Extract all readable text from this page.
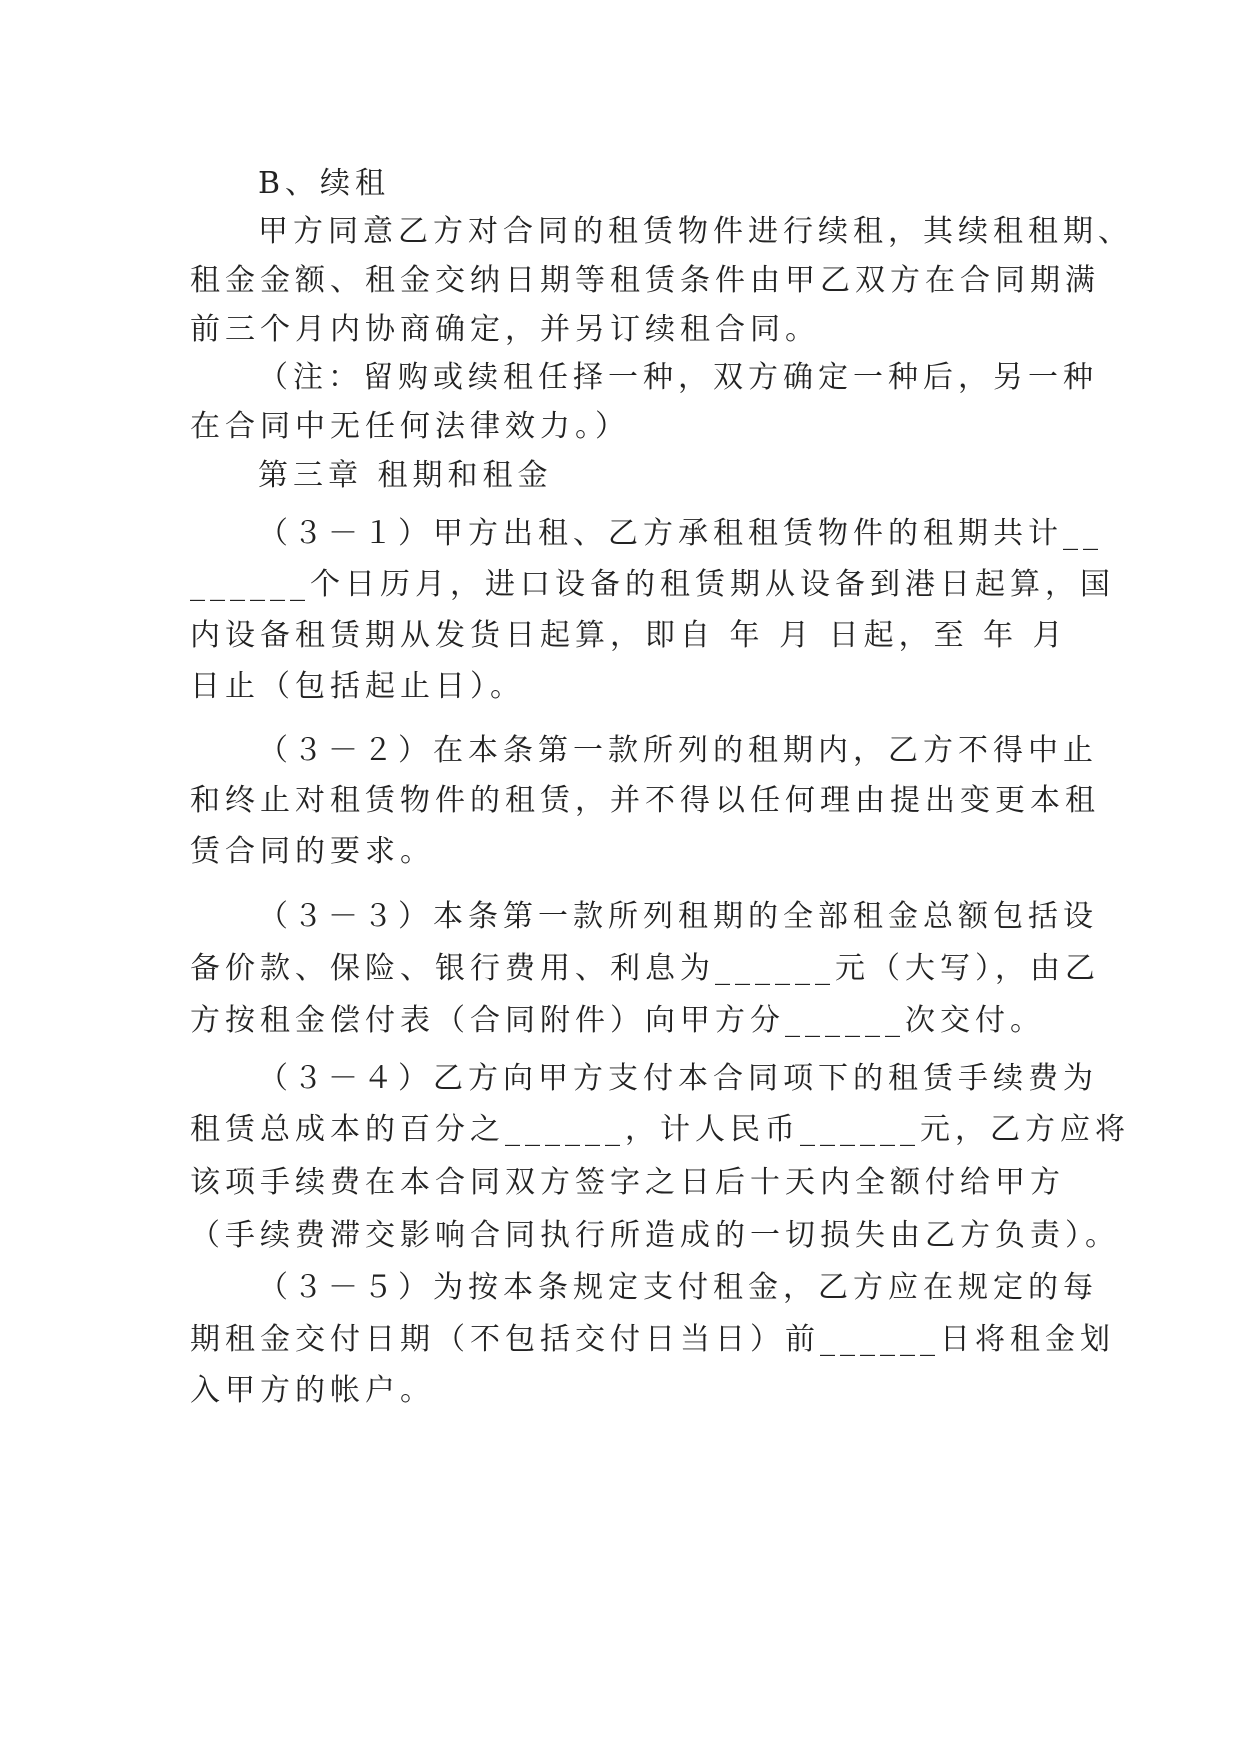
B、续租
甲方同意乙方对合同的租赁物件进行续租，其续租租期、
租金金额、租金交纳日期等租赁条件由甲乙双方在合同期满
前三个月内协商确定，并另订续租合同。
（注：留购或续租任择一种，双方确定一种后，另一种
在合同中无任何法律效力。）
第三章 租期和租金
（３－１）甲方出租、乙方承租租赁物件的租期共计__
______个日历月，进口设备的租赁期从设备到港日起算，国
内设备租赁期从发货日起算，即自 年 月 日起，至 年 月
日止（包括起止日）。
（３－２）在本条第一款所列的租期内，乙方不得中止
和终止对租赁物件的租赁，并不得以任何理由提出变更本租
赁合同的要求。
（３－３）本条第一款所列租期的全部租金总额包括设
备价款、保险、银行费用、利息为______元（大写），由乙
方按租金偿付表（合同附件）向甲方分______次交付。
（３－４）乙方向甲方支付本合同项下的租赁手续费为
租赁总成本的百分之______，计人民币______元，乙方应将
该项手续费在本合同双方签字之日后十天内全额付给甲方
（手续费滞交影响合同执行所造成的一切损失由乙方负责）。
（３－５）为按本条规定支付租金，乙方应在规定的每
期租金交付日期（不包括交付日当日）前______日将租金划
入甲方的帐户。
